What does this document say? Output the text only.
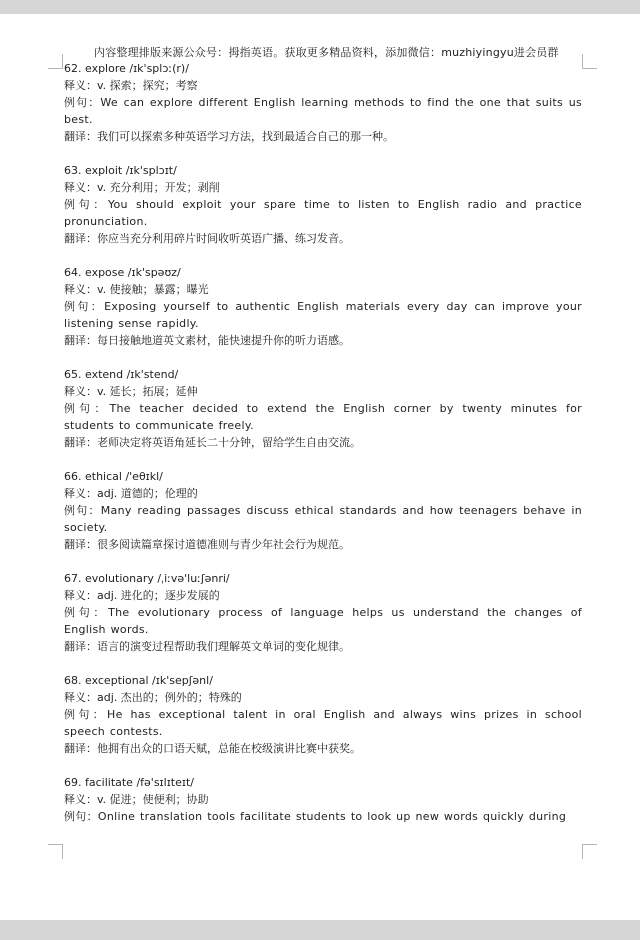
内容整理排版来源公众号：拇指英语。获取更多精品资料，添加微信：muzhiyingyu进会员群
62. explore /ɪk'splɔː(r)/
释义：v. 探索；探究；考察
例句：We can explore different English learning methods to find the one that suits us best.
翻译：我们可以探索多种英语学习方法，找到最适合自己的那一种。
63. exploit /ɪk'splɔɪt/
释义：v. 充分利用；开发；剥削
例句：You should exploit your spare time to listen to English radio and practice pronunciation.
翻译：你应当充分利用碎片时间收听英语广播、练习发音。
64. expose /ɪk'spəʊz/
释义：v. 使接触；暴露；曝光
例句：Exposing yourself to authentic English materials every day can improve your listening sense rapidly.
翻译：每日接触地道英文素材，能快速提升你的听力语感。
65. extend /ɪk'stend/
释义：v. 延长；拓展；延伸
例句：The teacher decided to extend the English corner by twenty minutes for students to communicate freely.
翻译：老师决定将英语角延长二十分钟，留给学生自由交流。
66. ethical /'eθɪkl/
释义：adj. 道德的；伦理的
例句：Many reading passages discuss ethical standards and how teenagers behave in society.
翻译：很多阅读篇章探讨道德准则与青少年社会行为规范。
67. evolutionary /ˌiːvə'luːʃənri/
释义：adj. 进化的；逐步发展的
例句：The evolutionary process of language helps us understand the changes of English words.
翻译：语言的演变过程帮助我们理解英文单词的变化规律。
68. exceptional /ɪk'sepʃənl/
释义：adj. 杰出的；例外的；特殊的
例句：He has exceptional talent in oral English and always wins prizes in school speech contests.
翻译：他拥有出众的口语天赋，总能在校级演讲比赛中获奖。
69. facilitate /fə'sɪlɪteɪt/
释义：v. 促进；使便利；协助
例句：Online translation tools facilitate students to look up new words quickly during
